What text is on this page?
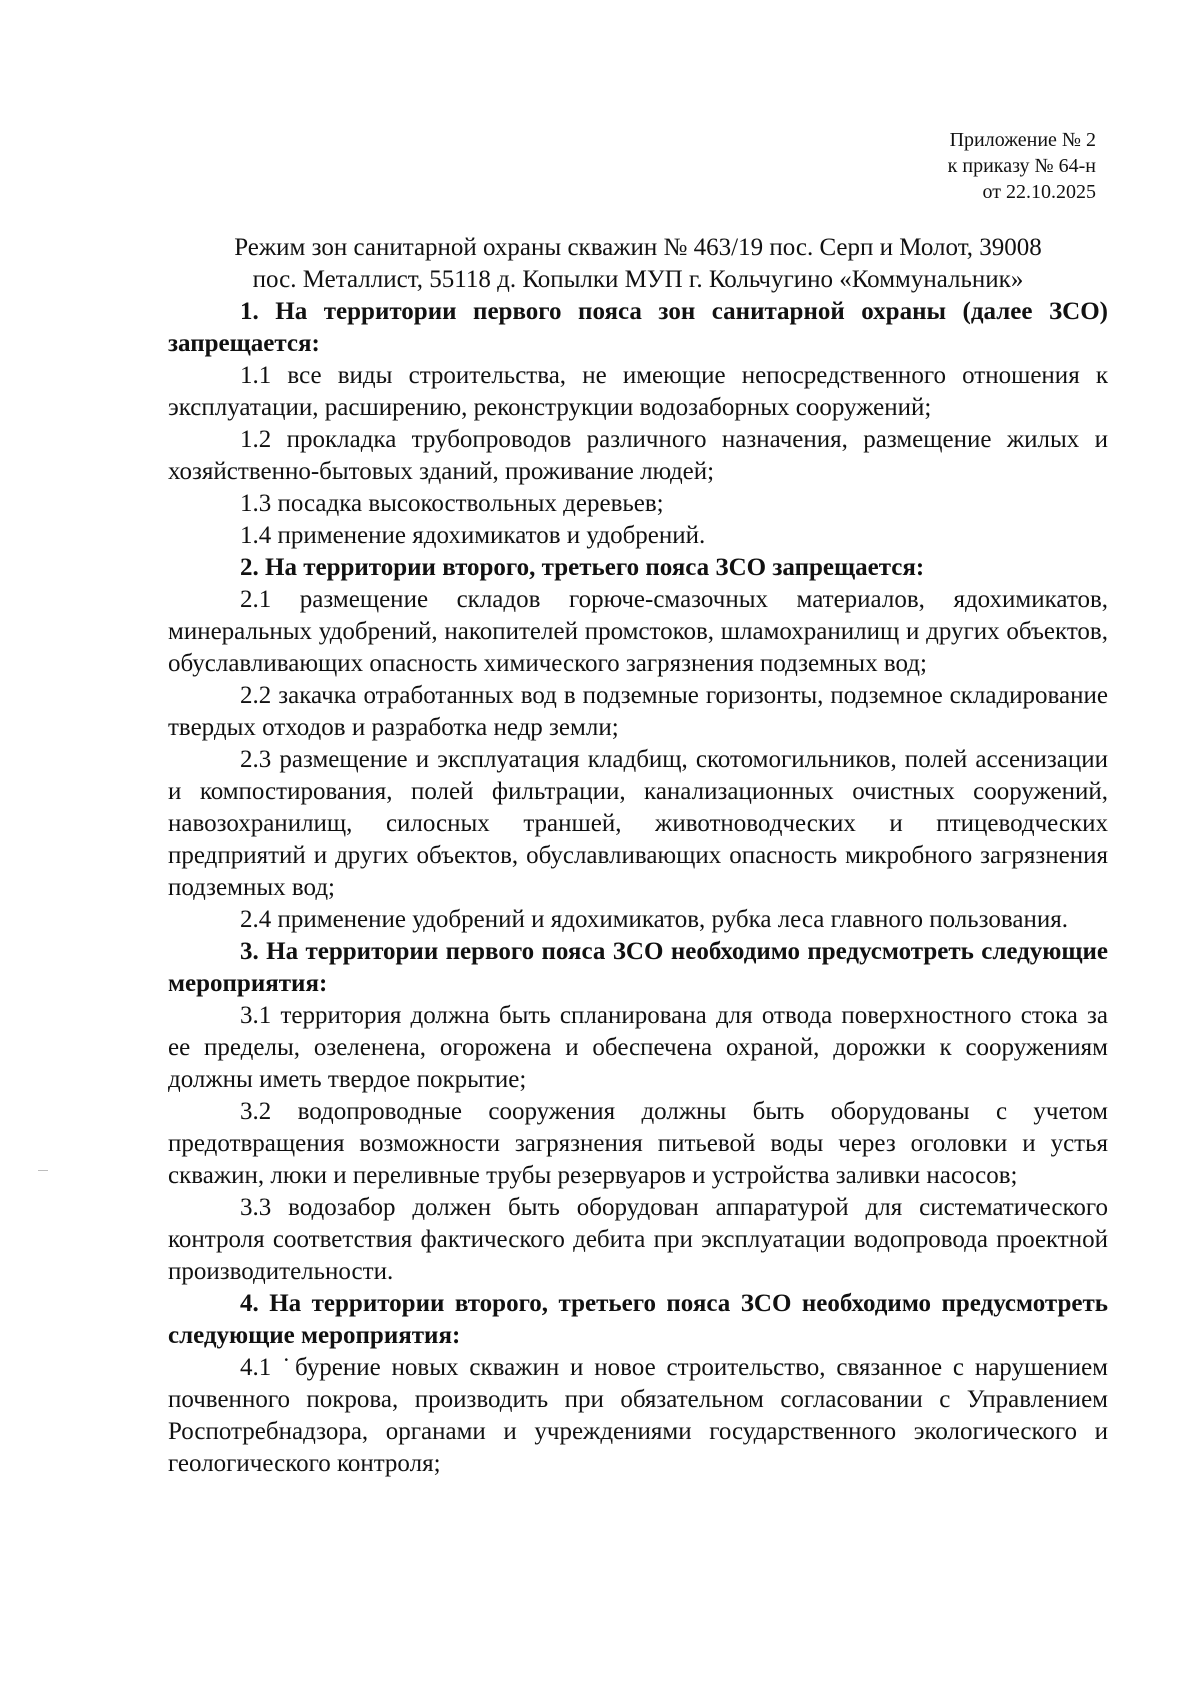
Приложение № 2
к приказу № 64-н
от 22.10.2025
Режим зон санитарной охраны скважин № 463/19 пос. Серп и Молот, 39008
пос. Металлист, 55118 д. Копылки МУП г. Кольчугино «Коммунальник»

1. На территории первого пояса зон санитарной охраны (далее ЗСО) запрещается:

1.1 все виды строительства, не имеющие непосредственного отношения к эксплуатации, расширению, реконструкции водозаборных сооружений;

1.2 прокладка трубопроводов различного назначения, размещение жилых и хозяйственно-бытовых зданий, проживание людей;

1.3 посадка высокоствольных деревьев;

1.4 применение ядохимикатов и удобрений.

2. На территории второго, третьего пояса ЗСО запрещается:

2.1 размещение складов горюче-смазочных материалов, ядохимикатов, минеральных удобрений, накопителей промстоков, шламохранилищ и других объектов, обуславливающих опасность химического загрязнения подземных вод;

2.2 закачка отработанных вод в подземные горизонты, подземное складирование твердых отходов и разработка недр земли;

2.3 размещение и эксплуатация кладбищ, скотомогильников, полей ассенизации и компостирования, полей фильтрации, канализационных очистных сооружений, навозохранилищ, силосных траншей, животноводческих и птицеводческих предприятий и других объектов, обуславливающих опасность микробного загрязнения подземных вод;

2.4 применение удобрений и ядохимикатов, рубка леса главного пользования.

3. На территории первого пояса ЗСО необходимо предусмотреть следующие мероприятия:

3.1 территория должна быть спланирована для отвода поверхностного стока за ее пределы, озеленена, огорожена и обеспечена охраной, дорожки к сооружениям должны иметь твердое покрытие;

3.2 водопроводные сооружения должны быть оборудованы с учетом предотвращения возможности загрязнения питьевой воды через оголовки и устья скважин, люки и переливные трубы резервуаров и устройства заливки насосов;

3.3 водозабор должен быть оборудован аппаратурой для систематического контроля соответствия фактического дебита при эксплуатации водопровода проектной производительности.

4. На территории второго, третьего пояса ЗСО необходимо предусмотреть следующие мероприятия:

4.1 ˙бурение новых скважин и новое строительство, связанное с нарушением почвенного покрова, производить при обязательном согласовании с Управлением Роспотребнадзора, органами и учреждениями государственного экологического и геологического контроля;
